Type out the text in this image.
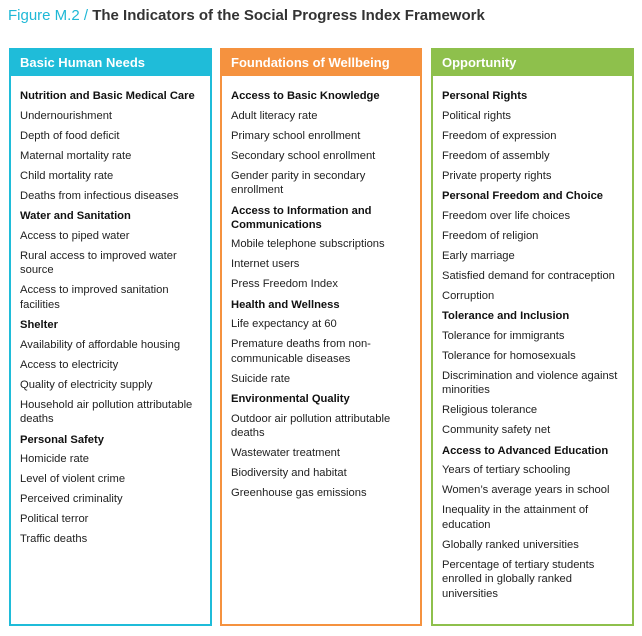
Figure M.2 / The Indicators of the Social Progress Index Framework
Basic Human Needs
Nutrition and Basic Medical Care
Undernourishment
Depth of food deficit
Maternal mortality rate
Child mortality rate
Deaths from infectious diseases
Water and Sanitation
Access to piped water
Rural access to improved water source
Access to improved sanitation facilities
Shelter
Availability of affordable housing
Access to electricity
Quality of electricity supply
Household air pollution attributable deaths
Personal Safety
Homicide rate
Level of violent crime
Perceived criminality
Political terror
Traffic deaths
Foundations of Wellbeing
Access to Basic Knowledge
Adult literacy rate
Primary school enrollment
Secondary school enrollment
Gender parity in secondary enrollment
Access to Information and Communications
Mobile telephone subscriptions
Internet users
Press Freedom Index
Health and Wellness
Life expectancy at 60
Premature deaths from non-communicable diseases
Suicide rate
Environmental Quality
Outdoor air pollution attributable deaths
Wastewater treatment
Biodiversity and habitat
Greenhouse gas emissions
Opportunity
Personal Rights
Political rights
Freedom of expression
Freedom of assembly
Private property rights
Personal Freedom and Choice
Freedom over life choices
Freedom of religion
Early marriage
Satisfied demand for contraception
Corruption
Tolerance and Inclusion
Tolerance for immigrants
Tolerance for homosexuals
Discrimination and violence against minorities
Religious tolerance
Community safety net
Access to Advanced Education
Years of tertiary schooling
Women’s average years in school
Inequality in the attainment of education
Globally ranked universities
Percentage of tertiary students enrolled in globally ranked universities
